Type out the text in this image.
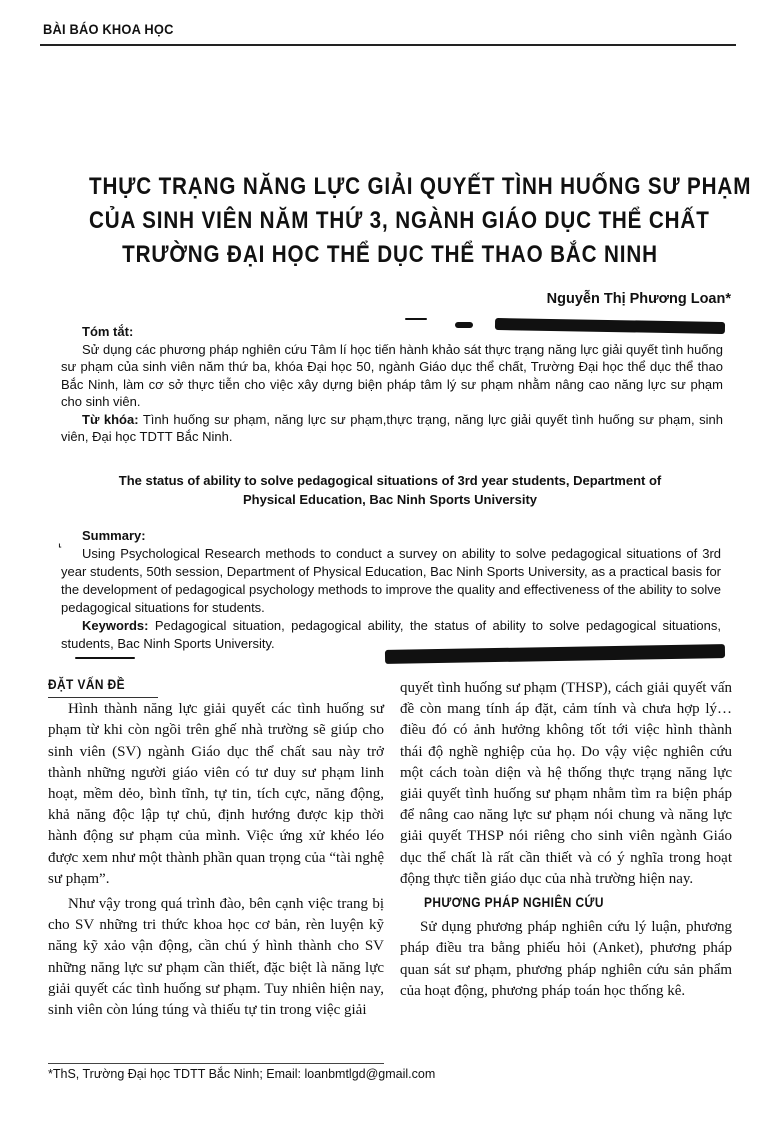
BÀI BÁO KHOA HỌC
THỰC TRẠNG NĂNG LỰC GIẢI QUYẾT TÌNH HUỐNG SƯ PHẠM
CỦA SINH VIÊN NĂM THỨ 3, NGÀNH GIÁO DỤC THỂ CHẤT
TRƯỜNG ĐẠI HỌC THỂ DỤC THỂ THAO BẮC NINH
Nguyễn Thị Phương Loan*
Tóm tắt:

Sử dụng các phương pháp nghiên cứu Tâm lí học tiến hành khảo sát thực trạng năng lực giải quyết tình huống sư phạm của sinh viên năm thứ ba, khóa Đại học 50, ngành Giáo dục thể chất, Trường Đại học thể dục thể thao Bắc Ninh, làm cơ sở thực tiễn cho việc xây dựng biện pháp tâm lý sư phạm nhằm nâng cao năng lực sư phạm cho sinh viên.

Từ khóa: Tình huống sư phạm, năng lực sư phạm,thực trạng, năng lực giải quyết tình huống sư phạm, sinh viên, Đại học TDTT Bắc Ninh.

The status of ability to solve pedagogical situations of 3rd year students, Department of
Physical Education, Bac Ninh Sports University
⸤ Summary:

Using Psychological Research methods to conduct a survey on ability to solve pedagogical situations of 3rd year students, 50th session, Department of Physical Education, Bac Ninh Sports University, as a practical basis for the development of pedagogical psychology methods to improve the quality and effectiveness of the ability to solve pedagogical situations for students.

Keywords: Pedagogical situation, pedagogical ability, the status of ability to solve pedagogical situations, students, Bac Ninh Sports University.

ĐẶT VẤN ĐỀ

Hình thành năng lực giải quyết các tình huống sư phạm từ khi còn ngồi trên ghế nhà trường sẽ giúp cho sinh viên (SV) ngành Giáo dục thể chất sau này trở thành những người giáo viên có tư duy sư phạm linh hoạt, mềm dẻo, bình tĩnh, tự tin, tích cực, năng động, khả năng độc lập tự chủ, định hướng được kịp thời hành động sư phạm của mình. Việc ứng xử khéo léo được xem như một thành phần quan trọng của “tài nghệ sư phạm”.

Như vậy trong quá trình đào, bên cạnh việc trang bị cho SV những tri thức khoa học cơ bản, rèn luyện kỹ năng kỹ xảo vận động, cần chú ý hình thành cho SV những năng lực sư phạm cần thiết, đặc biệt là năng lực giải quyết các tình huống sư phạm. Tuy nhiên hiện nay, sinh viên còn lúng túng và thiếu tự tin trong việc giải

quyết tình huống sư phạm (THSP), cách giải quyết vấn đề còn mang tính áp đặt, cảm tính và chưa hợp lý…điều đó có ảnh hưởng không tốt tới việc hình thành thái độ nghề nghiệp của họ. Do vậy việc nghiên cứu một cách toàn diện và hệ thống thực trạng năng lực giải quyết tình huống sư phạm nhằm tìm ra biện pháp để nâng cao năng lực sư phạm nói chung và năng lực giải quyết THSP nói riêng cho sinh viên ngành Giáo dục thể chất là rất cần thiết và có ý nghĩa trong hoạt động thực tiễn giáo dục của nhà trường hiện nay.

PHƯƠNG PHÁP NGHIÊN CỨU

Sử dụng phương pháp nghiên cứu lý luận, phương pháp điều tra bằng phiếu hỏi (Anket), phương pháp quan sát sư phạm, phương pháp nghiên cứu sản phẩm của hoạt động, phương pháp toán học thống kê.

*ThS, Trường Đại học TDTT Bắc Ninh; Email: loanbmtlgd@gmail.com
